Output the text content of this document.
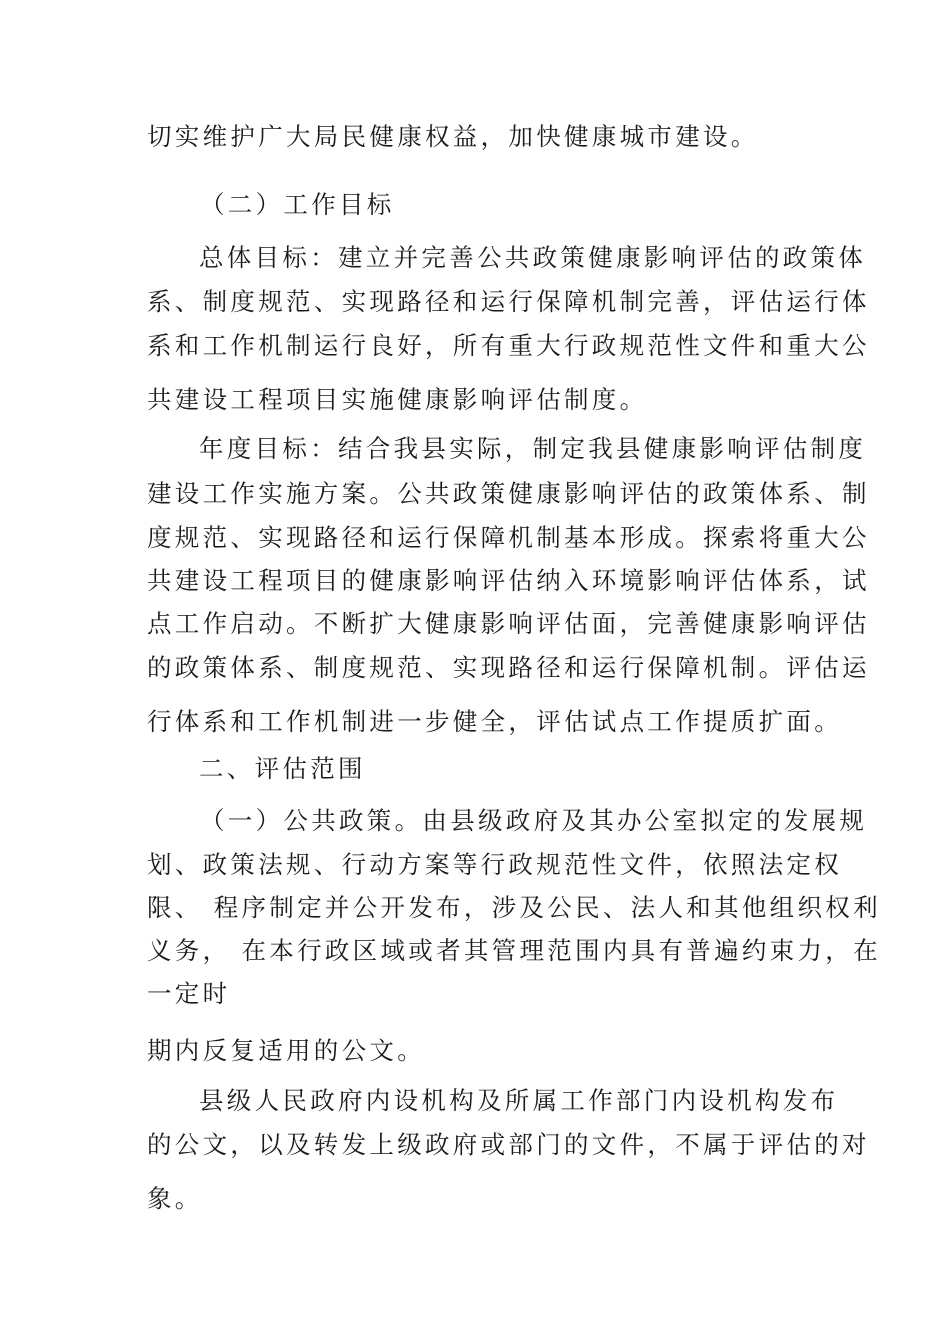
切实维护广大局民健康权益，加快健康城市建设。
（二）工作目标
总体目标：建立并完善公共政策健康影响评估的政策体
系、制度规范、实现路径和运行保障机制完善，评估运行体
系和工作机制运行良好，所有重大行政规范性文件和重大公
共建设工程项目实施健康影响评估制度。
年度目标：结合我县实际，制定我县健康影响评估制度
建设工作实施方案。公共政策健康影响评估的政策体系、制
度规范、实现路径和运行保障机制基本形成。探索将重大公
共建设工程项目的健康影响评估纳入环境影响评估体系，试
点工作启动。不断扩大健康影响评估面，完善健康影响评估
的政策体系、制度规范、实现路径和运行保障机制。评估运
行体系和工作机制进一步健全，评估试点工作提质扩面。
二、评估范围
（一）公共政策。由县级政府及其办公室拟定的发展规
划、政策法规、行动方案等行政规范性文件，依照法定权
限、 程序制定并公开发布，涉及公民、法人和其他组织权利
义务， 在本行政区域或者其管理范围内具有普遍约束力，在
一定时
期内反复适用的公文。
县级人民政府内设机构及所属工作部门内设机构发布
的公文，以及转发上级政府或部门的文件，不属于评估的对
象。
